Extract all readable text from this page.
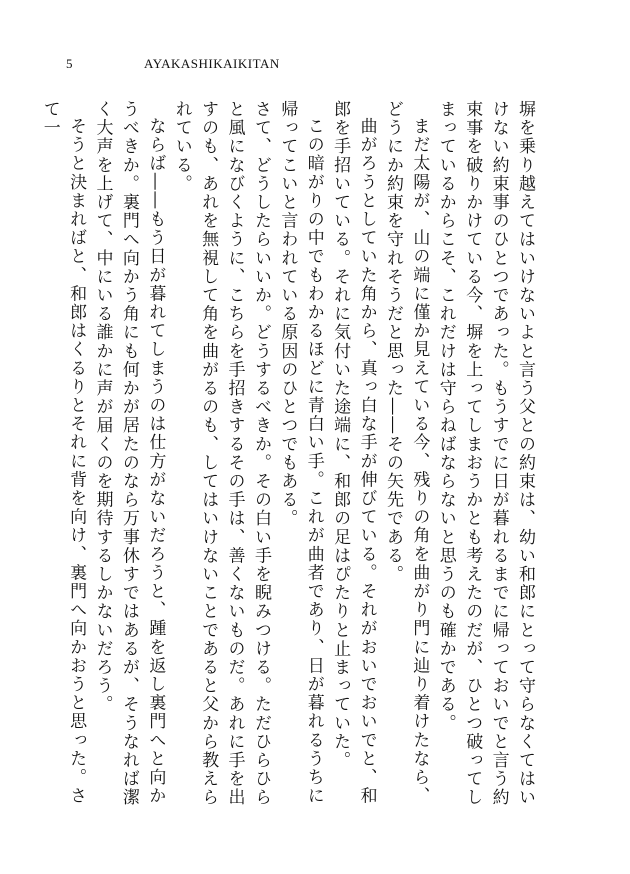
5	AYAKASHIKAIKITAN

塀を乗り越えてはいけないよと言う父との約束は、幼い和郎にとって守らなくてはいけない約束事のひとつであった。もうすでに日が暮れるまでに帰っておいでと言う約束事を破りかけている今、塀を上ってしまおうかとも考えたのだが、ひとつ破ってしまっているからこそ、これだけは守らねばならないと思うのも確かである。

まだ太陽が、山の端に僅か見えている今、残りの角を曲がり門に辿り着けたなら、どうにか約束を守れそうだと思った――その矢先である。

曲がろうとしていた角から、真っ白な手が伸びている。それがおいでおいでと、和郎を手招いている。それに気付いた途端に、和郎の足はぴたりと止まっていた。

この暗がりの中でもわかるほどに青白い手。これが曲者であり、日が暮れるうちに帰ってこいと言われている原因のひとつでもある。

さて、どうしたらいいか。どうするべきか。その白い手を睨みつける。ただひらひらと風になびくように、こちらを手招きするその手は、善くないものだ。あれに手を出すのも、あれを無視して角を曲がるのも、してはいけないことであると父から教えられている。

ならば――もう日が暮れてしまうのは仕方がないだろうと、踵を返し裏門へと向かうべきか。裏門へ向かう角にも何かが居たのなら万事休すではあるが、そうなれば潔く大声を上げて、中にいる誰かに声が届くのを期待するしかないだろう。

そうと決まればと、和郎はくるりとそれに背を向け、裏門へ向かおうと思った。さて一
